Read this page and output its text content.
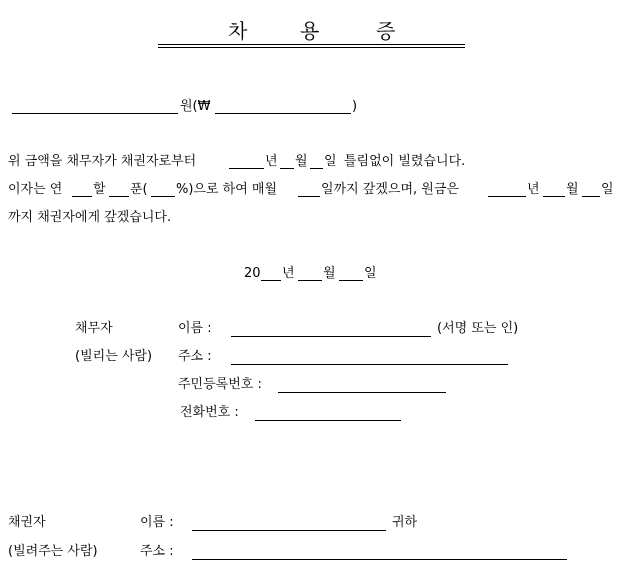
차	용	증
원(₩	)
위 금액을 채무자가 채권자로부터	년 월 일 틀림없이 빌렸습니다.
이자는 연 할 푼( %)으로 하여 매월	일까지 갚겠으며, 원금은	년 월 일
까지 채권자에게 갚겠습니다.
20 년 월 일
채무자
(빌리는 사람)
이름 :	(서명 또는 인)
주소 :
주민등록번호 :
전화번호 :
채권자
(빌려주는 사람)
이름 :	귀하
주소 :
